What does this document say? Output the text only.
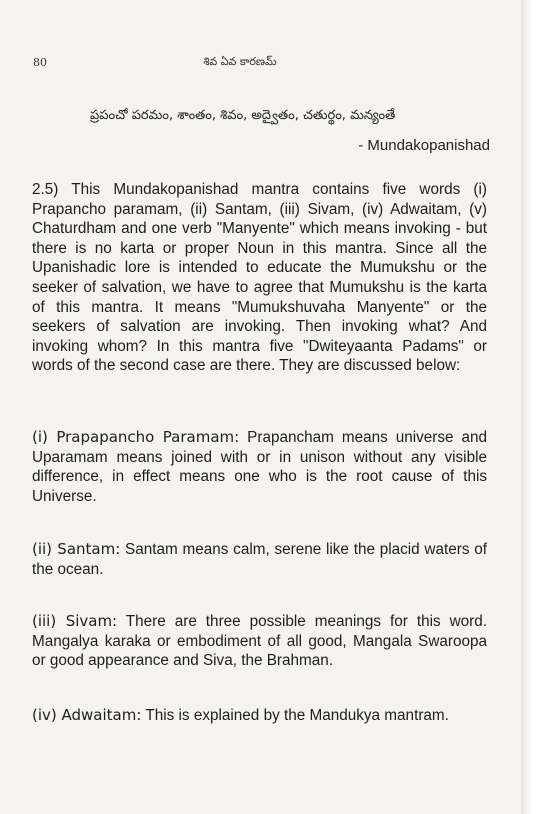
80	శివ ఏవ కారణమ్
ప్రపంచో పరమం, శాంతం, శివం, అద్వైతం, చతుర్థం, మన్యంతే
- Mundakopanishad
2.5) This Mundakopanishad mantra contains five words (i) Prapancho paramam, (ii) Santam, (iii) Sivam, (iv) Adwaitam, (v) Chaturdham and one verb "Manyente" which means invoking - but there is no karta or proper Noun in this mantra. Since all the Upanishadic lore is intended to educate the Mumukshu or the seeker of salvation, we have to agree that Mumukshu is the karta of this mantra. It means "Mumukshuvaha Manyente" or the seekers of salvation are invoking. Then invoking what? And invoking whom? In this mantra five "Dwiteyaanta Padams" or words of the second case are there. They are discussed below:
(i) Prapapancho Paramam: Prapancham means universe and Uparamam means joined with or in unison without any visible difference, in effect means one who is the root cause of this Universe.
(ii) Santam: Santam means calm, serene like the placid waters of the ocean.
(iii) Sivam: There are three possible meanings for this word. Mangalya karaka or embodiment of all good, Mangala Swaroopa or good appearance and Siva, the Brahman.
(iv) Adwaitam: This is explained by the Mandukya mantram.
